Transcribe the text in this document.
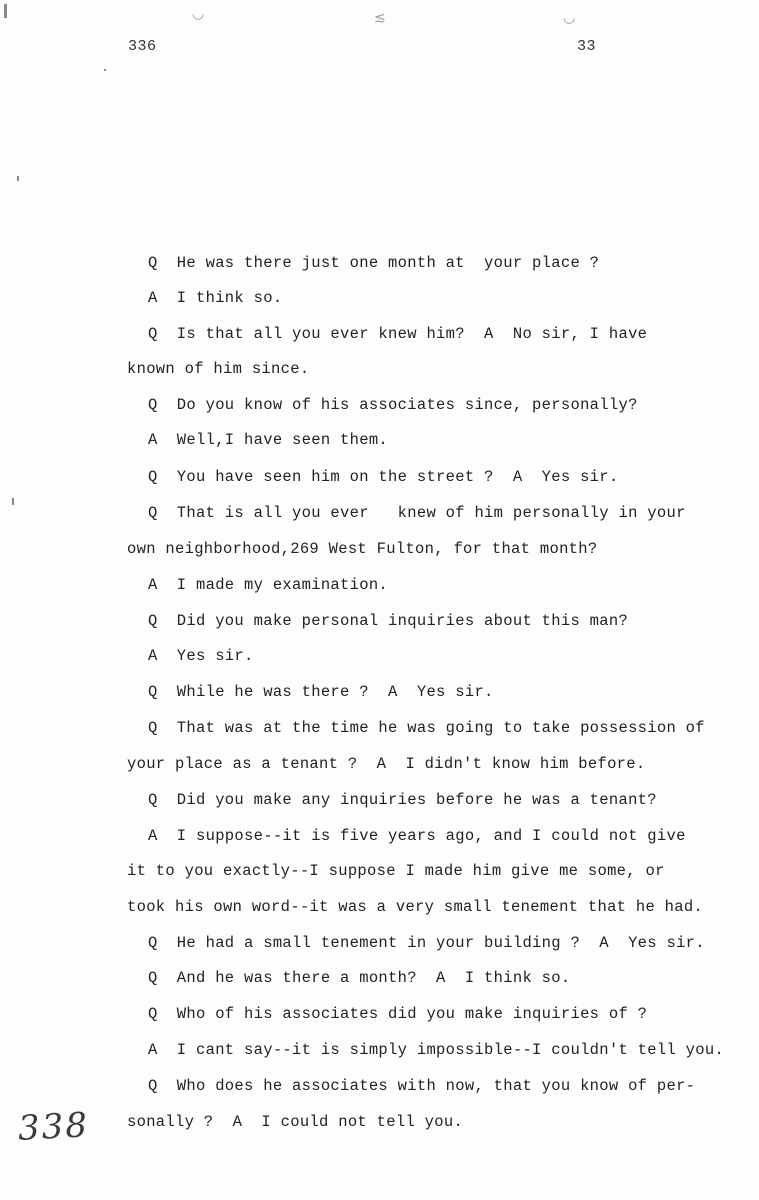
◡	≲	◡
336	33
Q  He was there just one month at  your place ?
A  I think so.
Q  Is that all you ever knew him?  A  No sir, I have
known of him since.
Q  Do you know of his associates since, personally?
A  Well,I have seen them.
Q  You have seen him on the street ?  A  Yes sir.
Q  That is all you ever   knew of him personally in your
own neighborhood,269 West Fulton, for that month?
A  I made my examination.
Q  Did you make personal inquiries about this man?
A  Yes sir.
Q  While he was there ?  A  Yes sir.
Q  That was at the time he was going to take possession of
your place as a tenant ?  A  I didn't know him before.
Q  Did you make any inquiries before he was a tenant?
A  I suppose--it is five years ago, and I could not give
it to you exactly--I suppose I made him give me some, or
took his own word--it was a very small tenement that he had.
Q  He had a small tenement in your building ?  A  Yes sir.
Q  And he was there a month?  A  I think so.
Q  Who of his associates did you make inquiries of ?
A  I cant say--it is simply impossible--I couldn't tell you.
Q  Who does he associates with now, that you know of per-
sonally ?  A  I could not tell you.
338
